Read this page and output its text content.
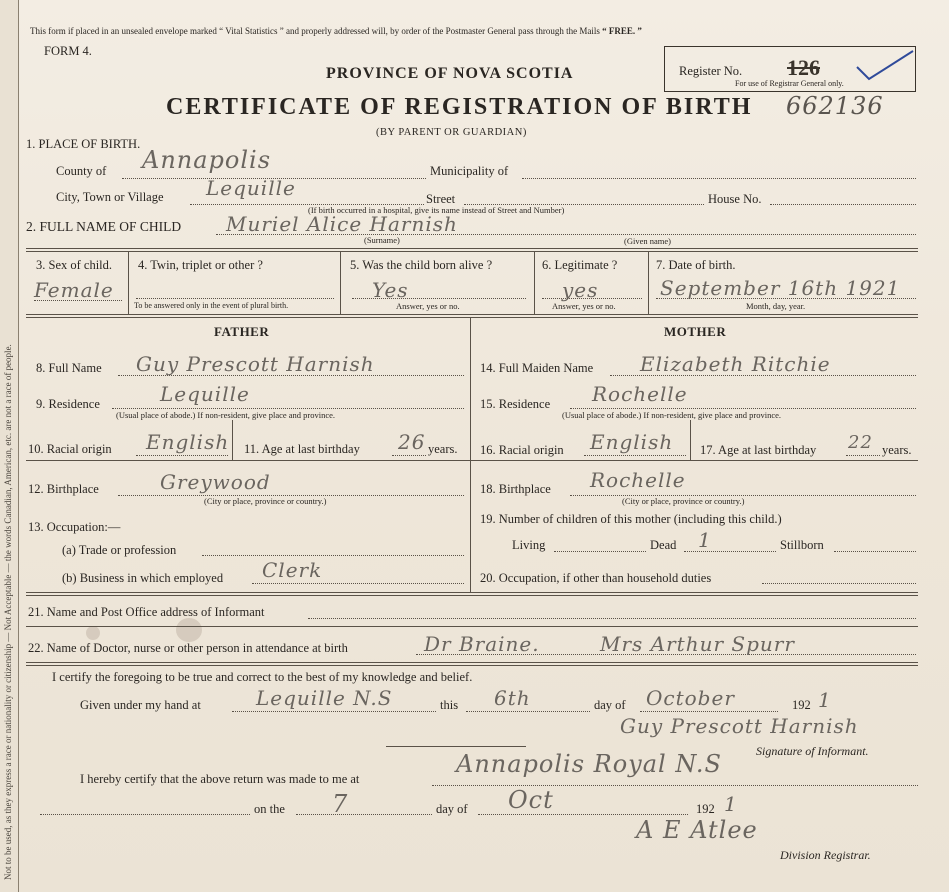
Not to be used, as they express a race or nationality or citizenship — Not Acceptable — the words Canadian, American, etc. are not a race of people.
This form if placed in an unsealed envelope marked “ Vital Statistics ” and properly addressed will, by order of the Postmaster General pass through the Mails “ FREE. ”
FORM 4.
PROVINCE OF NOVA SCOTIA
CERTIFICATE OF REGISTRATION OF BIRTH
(BY PARENT OR GUARDIAN)
Register No. 126
For use of Registrar General only.
662136
1. PLACE OF BIRTH.
County of Annapolis	Municipality of
City, Town or Village Lequille	Street	House No.
(If birth occurred in a hospital, give its name instead of Street and Number)
2. FULL NAME OF CHILD Muriel Alice Harnish
(Surname)	(Given name)
3. Sex of child.
Female
4. Twin, triplet or other ?
To be answered only in the event of plural birth.
5. Was the child born alive ?
Yes
Answer, yes or no.
6. Legitimate ?
yes
Answer, yes or no.
7. Date of birth.
September 16th 1921
Month, day, year.
FATHER	MOTHER
8. Full Name Guy Prescott Harnish
9. Residence	Lequille
(Usual place of abode.) If non-resident, give place and province.
10. Racial origin English 11. Age at last birthday 26 years.
12. Birthplace	Greywood
(City or place, province or country.)
13. Occupation:—
(a) Trade or profession
(b) Business in which employed Clerk
14. Full Maiden Name Elizabeth Ritchie
15. Residence Rochelle
(Usual place of abode.) If non-resident, give place and province.
16. Racial origin English 17. Age at last birthday 22 years.
18. Birthplace Rochelle
(City or place, province or country.)
19. Number of children of this mother (including this child.)
Living	Dead 1	Stillborn
20. Occupation, if other than household duties
21. Name and Post Office address of Informant
22. Name of Doctor, nurse or other person in attendance at birth	Dr Braine.	Mrs Arthur Spurr
I certify the foregoing to be true and correct to the best of my knowledge and belief.
Given under my hand at	Lequille N.S	this 6th	day of October	192 1
Guy Prescott Harnish
Signature of Informant.
I hereby certify that the above return was made to me at
Annapolis Royal N.S
on the 7	day of Oct	192 1
A E Atlee
Division Registrar.
